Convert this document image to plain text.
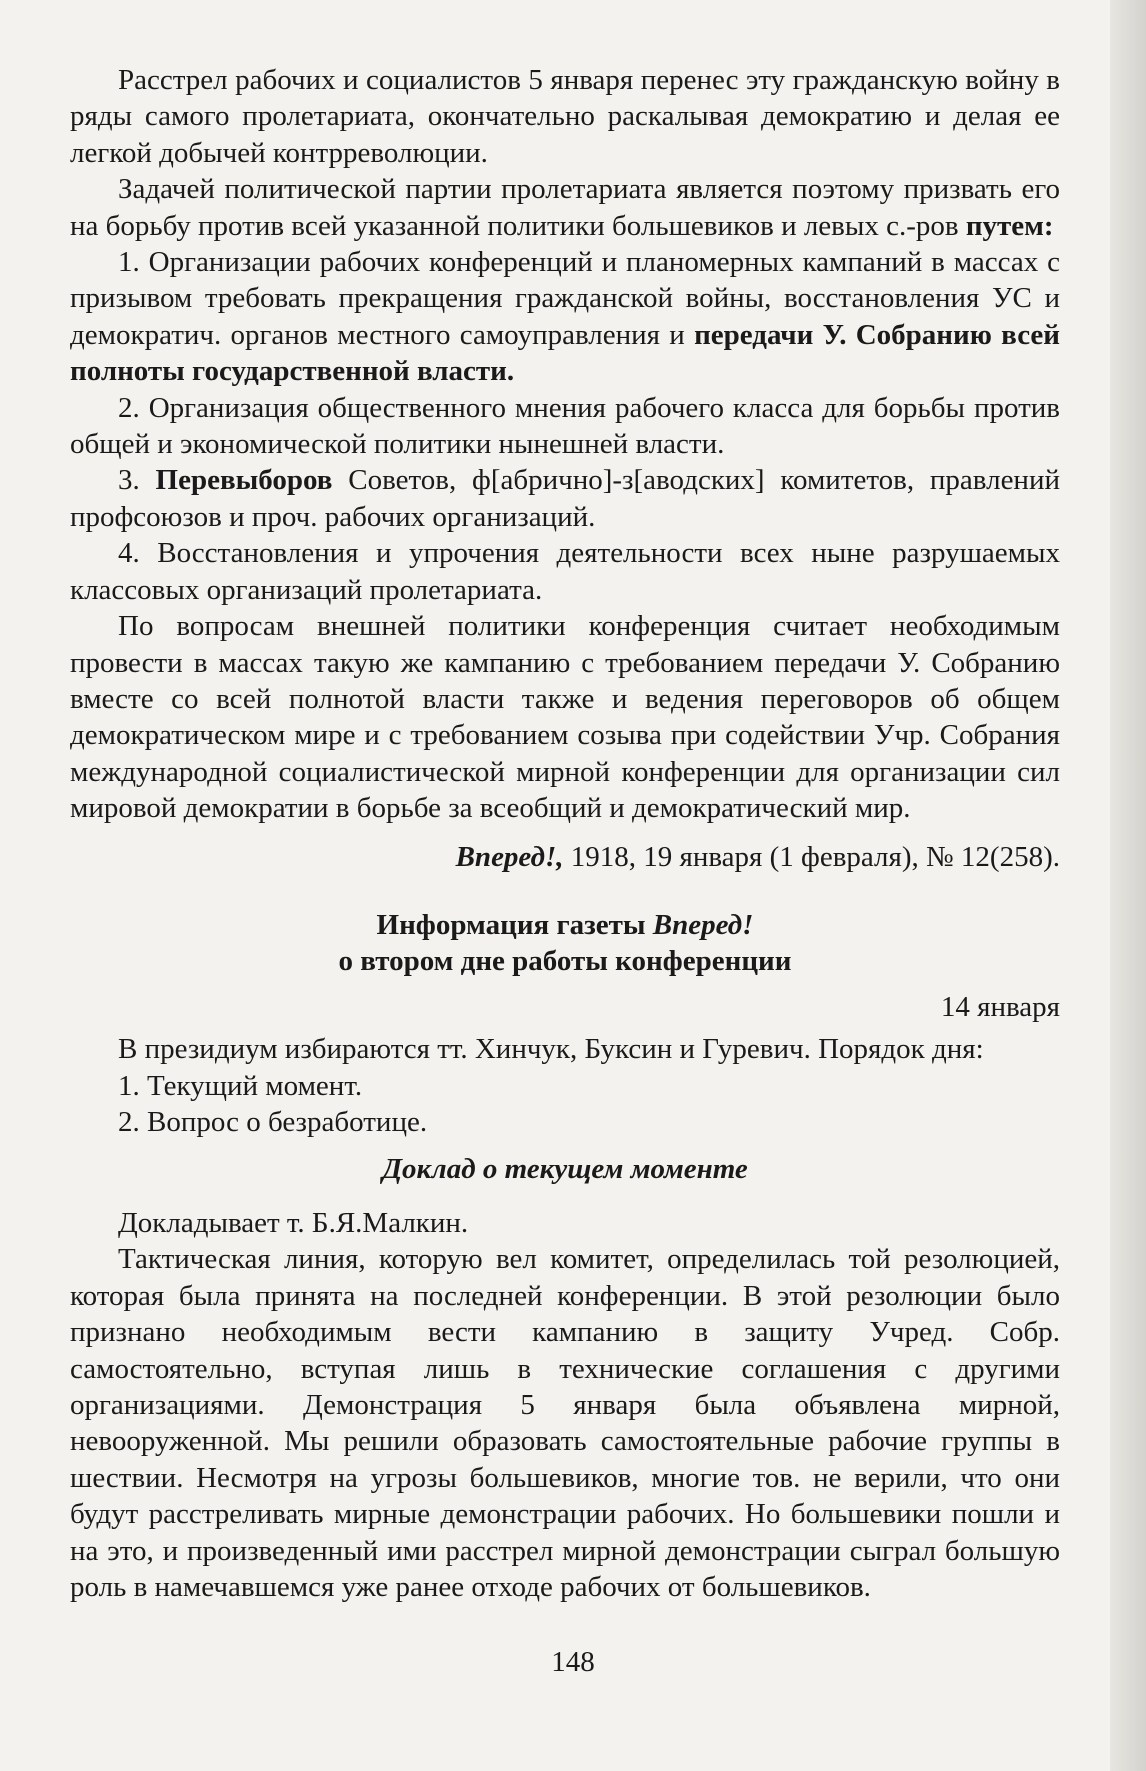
Расстрел рабочих и социалистов 5 января перенес эту гражданскую войну в ряды самого пролетариата, окончательно раскалывая демократию и делая ее легкой добычей контрреволюции.

Задачей политической партии пролетариата является поэтому призвать его на борьбу против всей указанной политики большевиков и левых с.-ров путем:

1. Организации рабочих конференций и планомерных кампаний в массах с призывом требовать прекращения гражданской войны, восстановления УС и демократич. органов местного самоуправления и передачи У. Собранию всей полноты государственной власти.

2. Организация общественного мнения рабочего класса для борьбы против общей и экономической политики нынешней власти.

3. Перевыборов Советов, ф[абрично]-з[аводских] комитетов, правлений профсоюзов и проч. рабочих организаций.

4. Восстановления и упрочения деятельности всех ныне разрушаемых классовых организаций пролетариата.

По вопросам внешней политики конференция считает необходимым провести в массах такую же кампанию с требованием передачи У. Собранию вместе со всей полнотой власти также и ведения переговоров об общем демократическом мире и с требованием созыва при содействии Учр. Собрания международной социалистической мирной конференции для организации сил мировой демократии в борьбе за всеобщий и демократический мир.

Вперед!, 1918, 19 января (1 февраля), № 12(258).

Информация газеты Вперед!

о втором дне работы конференции

14 января

В президиум избираются тт. Хинчук, Буксин и Гуревич. Порядок дня:

1. Текущий момент.

2. Вопрос о безработице.

Доклад о текущем моменте

Докладывает т. Б.Я.Малкин.

Тактическая линия, которую вел комитет, определилась той резолюцией, которая была принята на последней конференции. В этой резолюции было признано необходимым вести кампанию в защиту Учред. Собр. самостоятельно, вступая лишь в технические соглашения с другими организациями. Демонстрация 5 января была объявлена мирной, невооруженной. Мы решили образовать самостоятельные рабочие группы в шествии. Несмотря на угрозы большевиков, многие тов. не верили, что они будут расстреливать мирные демонстрации рабочих. Но большевики пошли и на это, и произведенный ими расстрел мирной демонстрации сыграл большую роль в намечавшемся уже ранее отходе рабочих от большевиков.

148
